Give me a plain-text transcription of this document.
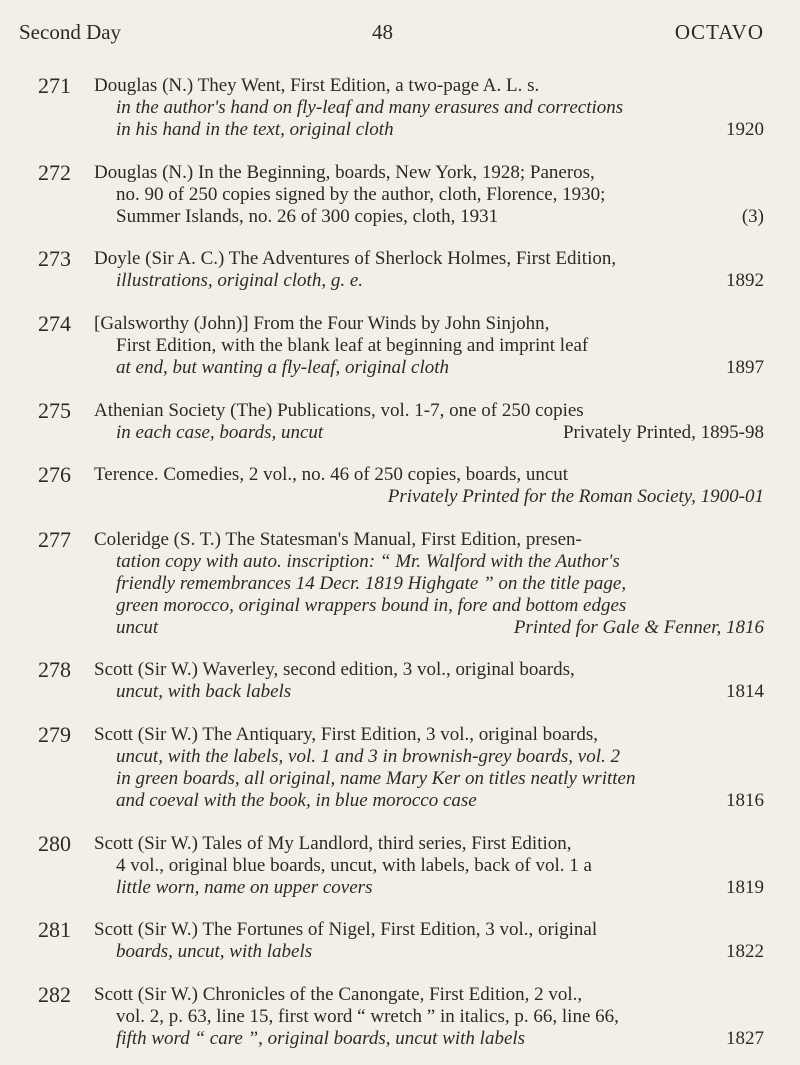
Second Day	48	OCTAVO
271 Douglas (N.) They Went, First Edition, a two-page A. L. s.
in the author's hand on fly-leaf and many erasures and corrections
in his hand in the text, original cloth	1920
272 Douglas (N.) In the Beginning, boards, New York, 1928; Paneros,
no. 90 of 250 copies signed by the author, cloth, Florence, 1930;
Summer Islands, no. 26 of 300 copies, cloth, 1931	(3)
273 Doyle (Sir A. C.) The Adventures of Sherlock Holmes, First Edition,
illustrations, original cloth, g. e.	1892
274 [Galsworthy (John)] From the Four Winds by John Sinjohn,
First Edition, with the blank leaf at beginning and imprint leaf
at end, but wanting a fly-leaf, original cloth	1897
275 Athenian Society (The) Publications, vol. 1-7, one of 250 copies
in each case, boards, uncut	Privately Printed, 1895-98
276 Terence. Comedies, 2 vol., no. 46 of 250 copies, boards, uncut
Privately Printed for the Roman Society, 1900-01
277 Coleridge (S. T.) The Statesman's Manual, First Edition, presen-
tation copy with auto. inscription: “ Mr. Walford with the Author's
friendly remembrances 14 Decr. 1819 Highgate ” on the title page,
green morocco, original wrappers bound in, fore and bottom edges
uncut	Printed for Gale & Fenner, 1816
278 Scott (Sir W.) Waverley, second edition, 3 vol., original boards,
uncut, with back labels	1814
279 Scott (Sir W.) The Antiquary, First Edition, 3 vol., original boards,
uncut, with the labels, vol. 1 and 3 in brownish-grey boards, vol. 2
in green boards, all original, name Mary Ker on titles neatly written
and coeval with the book, in blue morocco case	1816
280 Scott (Sir W.) Tales of My Landlord, third series, First Edition,
4 vol., original blue boards, uncut, with labels, back of vol. 1 a
little worn, name on upper covers	1819
281 Scott (Sir W.) The Fortunes of Nigel, First Edition, 3 vol., original
boards, uncut, with labels	1822
282 Scott (Sir W.) Chronicles of the Canongate, First Edition, 2 vol.,
vol. 2, p. 63, line 15, first word “ wretch ” in italics, p. 66, line 66,
fifth word “ care ”, original boards, uncut with labels	1827
